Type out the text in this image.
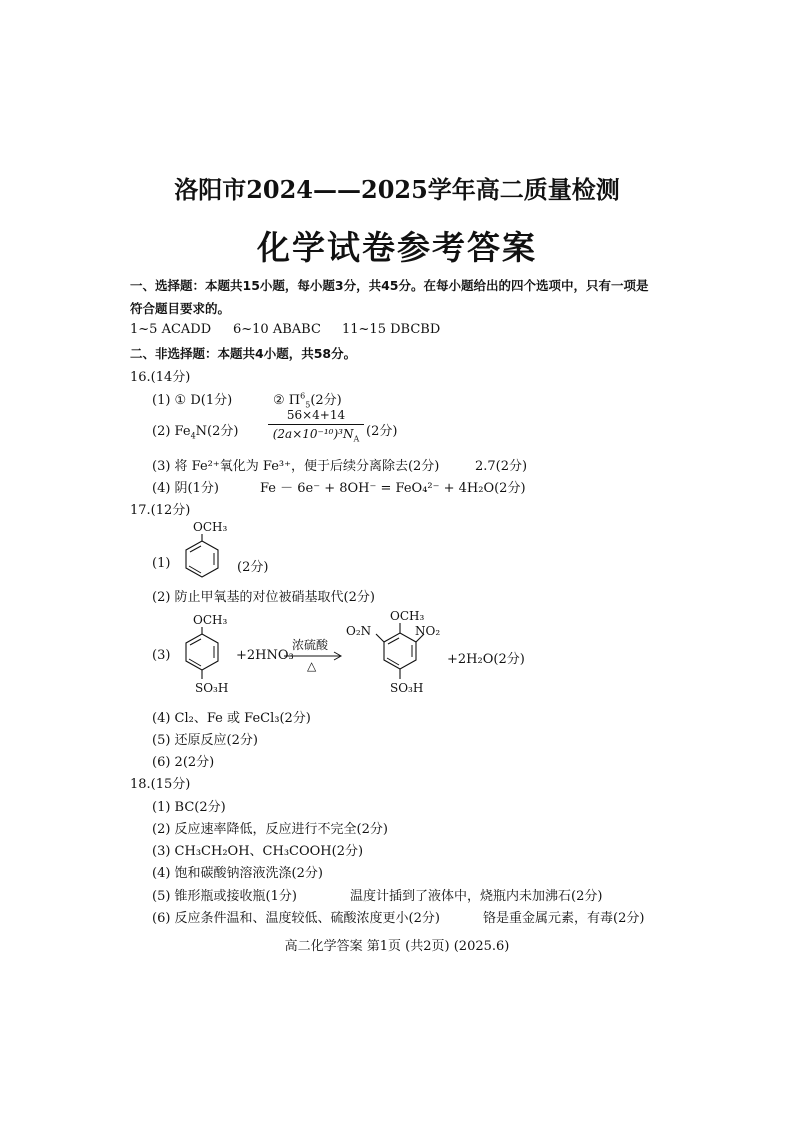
洛阳市2024——2025学年高二质量检测
化学试卷参考答案
一、选择题：本题共15小题，每小题3分，共45分。在每小题给出的四个选项中，只有一项是
符合题目要求的。
1~5 ACADD 6~10 ABABC 11~15 DBCBD
二、非选择题：本题共4小题，共58分。
16.(14分)
(1) ① D(1分)	② $\Pi^6_5(2$分)
(2) $Fe_4N(2$分) $\frac{56\times 4+14}{(2a\times 10^{-10})^3N_A} (2$分)
(3) 将 Fe²⁺氧化为 Fe³⁺，便于后续分离除去(2分)	2.7(2分)
(4) 阴(1分)	Fe － 6e⁻ + 8OH⁻ = FeO₄²⁻ + 4H₂O(2分)
17.(12分)
(1)
OCH₃
(2分)
(2) 防止甲氧基的对位被硝基取代(2分)
(3)
OCH₃
SO₃H
+2HNO₃
浓硫酸
△
OCH₃
O₂N	NO₂
SO₃H
+2H₂O(2分)
(4) Cl₂、Fe 或 FeCl₃(2分)
(5) 还原反应(2分)
(6) 2(2分)
18.(15分)
(1) BC(2分)
(2) 反应速率降低，反应进行不完全(2分)
(3) CH₃CH₂OH、CH₃COOH(2分)
(4) 饱和碳酸钠溶液洗涤(2分)
(5) 锥形瓶或接收瓶(1分)	温度计插到了液体中，烧瓶内未加沸石(2分)
(6) 反应条件温和、温度较低、硫酸浓度更小(2分)	铬是重金属元素，有毒(2分)
高二化学答案 第1页 (共2页) (2025.6)
